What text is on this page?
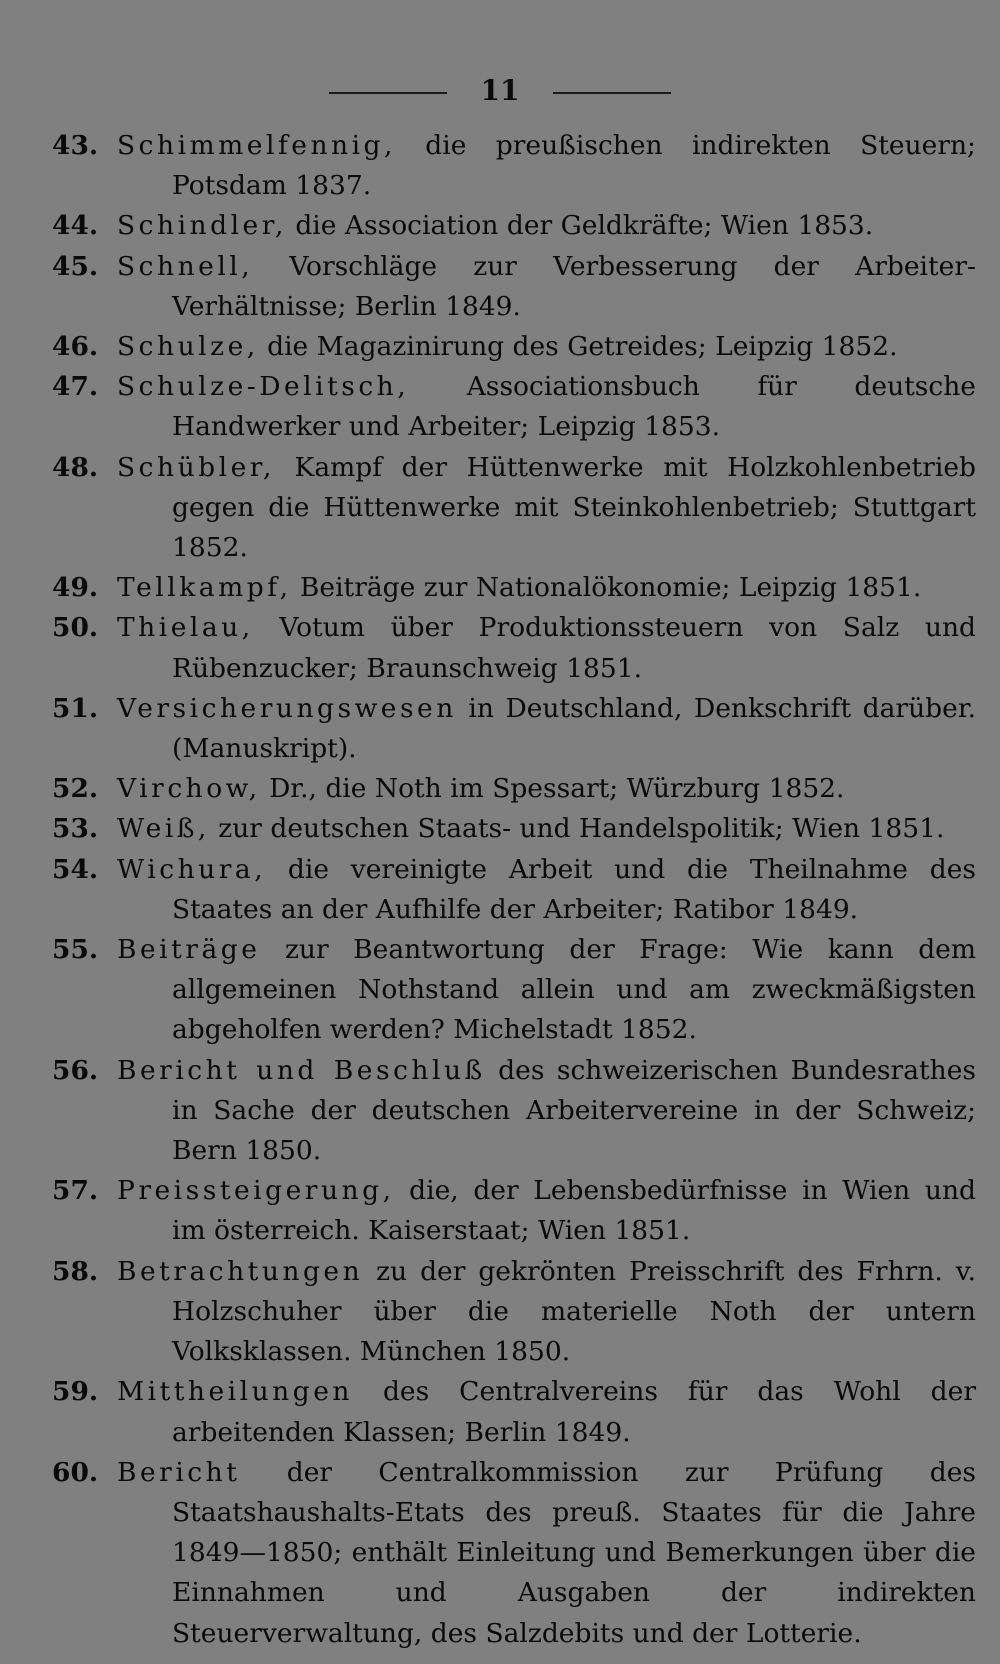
11
43. Schimmelfennig, die preußischen indirekten Steuern; Potsdam 1837.
44. Schindler, die Association der Geldkräfte; Wien 1853.
45. Schnell, Vorschläge zur Verbesserung der Arbeiter-Verhältnisse; Berlin 1849.
46. Schulze, die Magazinirung des Getreides; Leipzig 1852.
47. Schulze-Delitsch, Associationsbuch für deutsche Handwerker und Arbeiter; Leipzig 1853.
48. Schübler, Kampf der Hüttenwerke mit Holzkohlenbetrieb gegen die Hüttenwerke mit Steinkohlenbetrieb; Stuttgart 1852.
49. Tellkampf, Beiträge zur Nationalökonomie; Leipzig 1851.
50. Thielau, Votum über Produktionssteuern von Salz und Rübenzucker; Braunschweig 1851.
51. Versicherungswesen in Deutschland, Denkschrift darüber. (Manuskript).
52. Virchow, Dr., die Noth im Spessart; Würzburg 1852.
53. Weiß, zur deutschen Staats- und Handelspolitik; Wien 1851.
54. Wichura, die vereinigte Arbeit und die Theilnahme des Staates an der Aufhilfe der Arbeiter; Ratibor 1849.
55. Beiträge zur Beantwortung der Frage: Wie kann dem allgemeinen Nothstand allein und am zweckmäßigsten abgeholfen werden? Michelstadt 1852.
56. Bericht und Beschluß des schweizerischen Bundesrathes in Sache der deutschen Arbeitervereine in der Schweiz; Bern 1850.
57. Preissteigerung, die, der Lebensbedürfnisse in Wien und im österreich. Kaiserstaat; Wien 1851.
58. Betrachtungen zu der gekrönten Preisschrift des Frhrn. v. Holzschuher über die materielle Noth der untern Volksklassen. München 1850.
59. Mittheilungen des Centralvereins für das Wohl der arbeitenden Klassen; Berlin 1849.
60. Bericht der Centralkommission zur Prüfung des Staatshaushalts-Etats des preuß. Staates für die Jahre 1849—1850; enthält Einleitung und Bemerkungen über die Einnahmen und Ausgaben der indirekten Steuerverwaltung, des Salzdebits und der Lotterie.
